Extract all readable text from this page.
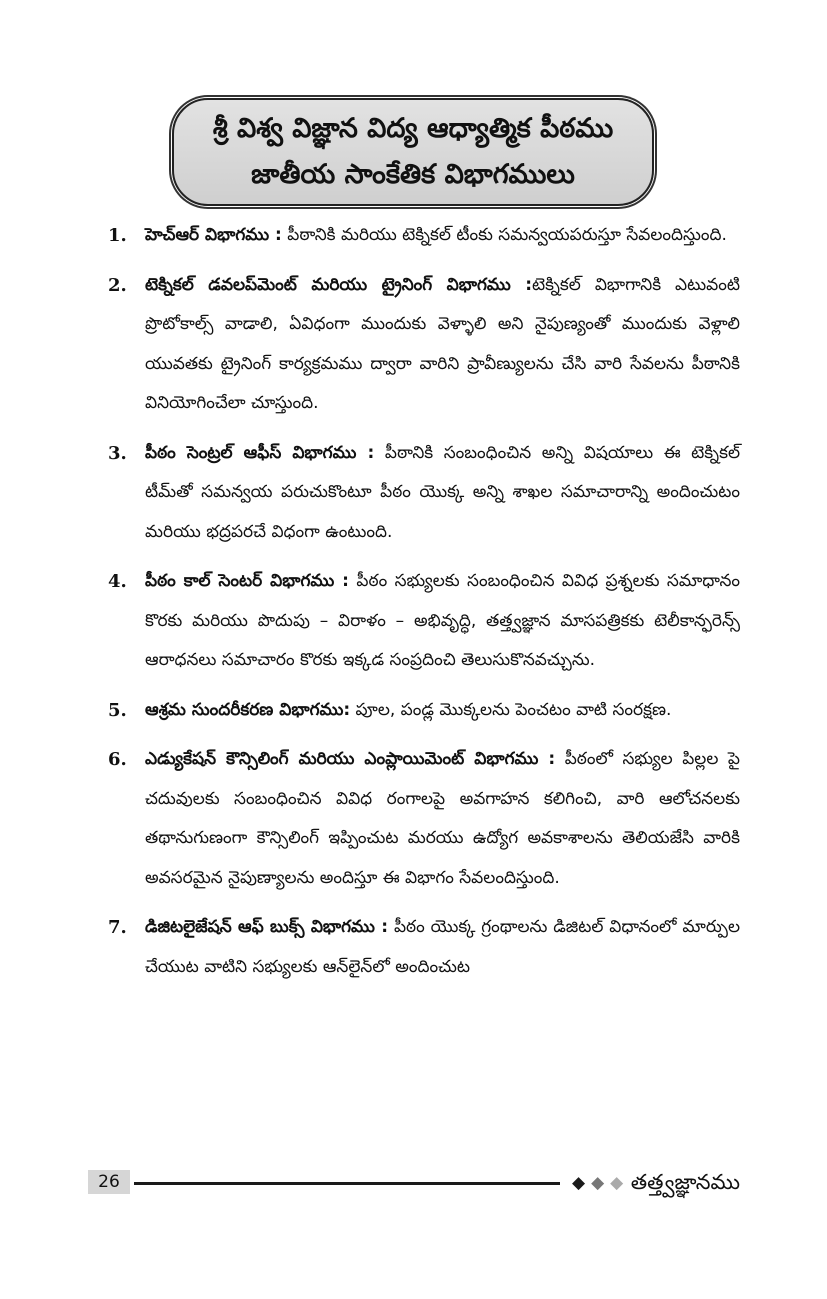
శ్రీ విశ్వ విజ్ఞాన విద్య ఆధ్యాత్మిక పీఠము
జాతీయ సాంకేతిక విభాగములు
1.	హెచ్‌ఆర్ విభాగము : పీఠానికి మరియు టెక్నికల్ టీంకు సమన్వయపరుస్తూ సేవలందిస్తుంది.
2.	టెక్నికల్ డవలప్‌మెంట్ మరియు ట్రైనింగ్ విభాగము :టెక్నికల్ విభాగానికి ఎటువంటి ప్రొటోకాల్స్ వాడాలి, ఏవిధంగా ముందుకు వెళ్ళాలి అని నైపుణ్యంతో ముందుకు వెళ్లాలి యువతకు ట్రైనింగ్ కార్యక్రమము ద్వారా వారిని ప్రావీణ్యులను చేసి వారి సేవలను పీఠానికి వినియోగించేలా చూస్తుంది.
3.	పీఠం సెంట్రల్ ఆఫీస్ విభాగము : పీఠానికి సంబంధించిన అన్ని విషయాలు ఈ టెక్నికల్ టీమ్‌తో సమన్వయ పరుచుకొంటూ పీఠం యొక్క అన్ని శాఖల సమాచారాన్ని అందించుటం మరియు భద్రపరచే విధంగా ఉంటుంది.
4.	పీఠం కాల్ సెంటర్ విభాగము : పీఠం సభ్యులకు సంబంధించిన వివిధ ప్రశ్నలకు సమాధానం కొరకు మరియు పొదుపు – విరాళం – అభివృద్ధి, తత్త్వజ్ఞాన మాసపత్రికకు టెలీకాన్ఫరెన్స్ ఆరాధనలు సమాచారం కొరకు ఇక్కడ సంప్రదించి తెలుసుకొనవచ్చును.
5.	ఆశ్రమ సుందరీకరణ విభాగము: పూల, పండ్ల మొక్కలను పెంచటం వాటి సంరక్షణ.
6.	ఎడ్యుకేషన్ కౌన్సిలింగ్ మరియు ఎంప్లాయిమెంట్ విభాగము : పీఠంలో సభ్యుల పిల్లల పై చదువులకు సంబంధించిన వివిధ రంగాలపై అవగాహన కలిగించి, వారి ఆలోచనలకు తథానుగుణంగా కౌన్సిలింగ్ ఇప్పించుట మరయు ఉద్యోగ అవకాశాలను తెలియజేసి వారికి అవసరమైన నైపుణ్యాలను అందిస్తూ ఈ విభాగం సేవలందిస్తుంది.
7.	డిజిటలైజేషన్ ఆఫ్ బుక్స్ విభాగము : పీఠం యొక్క గ్రంథాలను డిజిటల్ విధానంలో మార్పుల చేయుట వాటిని సభ్యులకు ఆన్‌లైన్‌లో అందించుట
26	◆◆◆ తత్త్వజ్ఞానము
